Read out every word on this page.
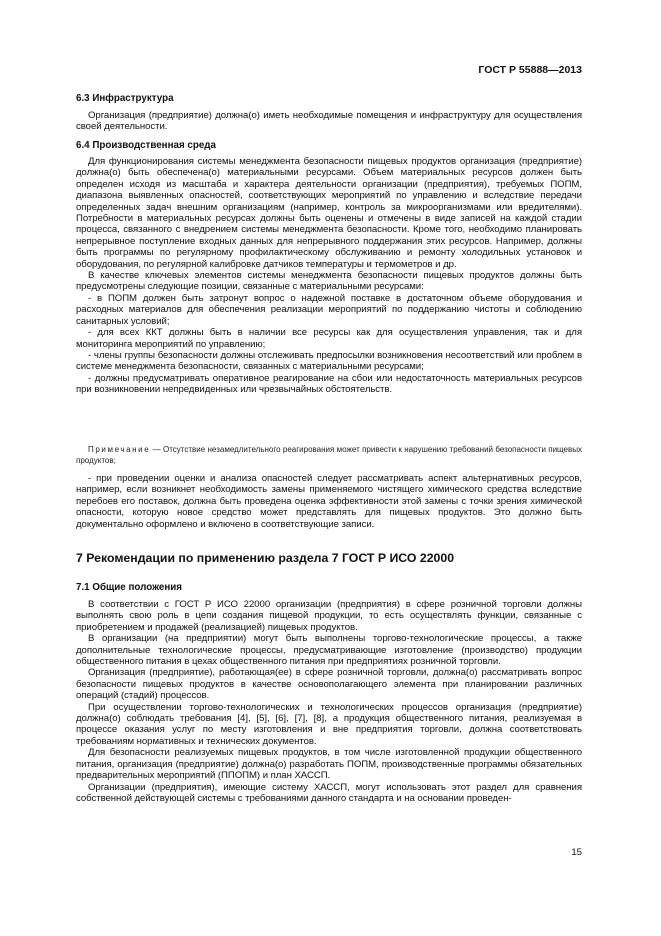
ГОСТ Р 55888—2013

6.3 Инфраструктура

Организация (предприятие) должна(о) иметь необходимые помещения и инфраструктуру для осуществления своей деятельности.

6.4 Производственная среда

Для функционирования системы менеджмента безопасности пищевых продуктов организация (предприятие) должна(о) быть обеспечена(о) материальными ресурсами. Объем материальных ресурсов должен быть определен исходя из масштаба и характера деятельности организации (предприятия), требуемых ПОПМ, диапазона выявленных опасностей, соответствующих мероприятий по управлению и вследствие передачи определенных задач внешним организациям (например, контроль за микроорганизмами или вредителями). Потребности в материальных ресурсах должны быть оценены и отмечены в виде записей на каждой стадии процесса, связанного с внедрением системы менеджмента безопасности. Кроме того, необходимо планировать непрерывное поступление входных данных для непрерывного поддержания этих ресурсов. Например, должны быть программы по регулярному профилактическому обслуживанию и ремонту холодильных установок и оборудования, по регулярной калибровке датчиков температуры и термометров и др.

В качестве ключевых элементов системы менеджмента безопасности пищевых продуктов должны быть предусмотрены следующие позиции, связанные с материальными ресурсами:

- в ПОПМ должен быть затронут вопрос о надежной поставке в достаточном объеме оборудования и расходных материалов для обеспечения реализации мероприятий по поддержанию чистоты и соблюдению санитарных условий;

- для всех ККТ должны быть в наличии все ресурсы как для осуществления управления, так и для мониторинга мероприятий по управлению;

- члены группы безопасности должны отслеживать предпосылки возникновения несоответствий или проблем в системе менеджмента безопасности, связанных с материальными ресурсами;

- должны предусматривать оперативное реагирование на сбои или недостаточность материальных ресурсов при возникновении непредвиденных или чрезвычайных обстоятельств.

Примечание — Отсутствие незамедлительного реагирования может привести к нарушению требований безопасности пищевых продуктов;

- при проведении оценки и анализа опасностей следует рассматривать аспект альтернативных ресурсов, например, если возникнет необходимость замены применяемого чистящего химического средства вследствие перебоев его поставок, должна быть проведена оценка эффективности этой замены с точки зрения химической опасности, которую новое средство может представлять для пищевых продуктов. Это должно быть документально оформлено и включено в соответствующие записи.

7 Рекомендации по применению раздела 7 ГОСТ Р ИСО 22000

7.1 Общие положения

В соответствии с ГОСТ Р ИСО 22000 организации (предприятия) в сфере розничной торговли должны выполнять свою роль в цепи создания пищевой продукции, то есть осуществлять функции, связанные с приобретением и продажей (реализацией) пищевых продуктов.

В организации (на предприятии) могут быть выполнены торгово-технологические процессы, а также дополнительные технологические процессы, предусматривающие изготовление (производство) продукции общественного питания в цехах общественного питания при предприятиях розничной торговли.

Организация (предприятие), работающая(ее) в сфере розничной торговли, должна(о) рассматривать вопрос безопасности пищевых продуктов в качестве основополагающего элемента при планировании различных операций (стадий) процессов.

При осуществлении торгово-технологических и технологических процессов организация (предприятие) должна(о) соблюдать требования [4], [5], [6], [7], [8], а продукция общественного питания, реализуемая в процессе оказания услуг по месту изготовления и вне предприятия торговли, должна соответствовать требованиям нормативных и технических документов.

Для безопасности реализуемых пищевых продуктов, в том числе изготовленной продукции общественного питания, организация (предприятие) должна(о) разработать ПОПМ, производственные программы обязательных предварительных мероприятий (ППОПМ) и план ХАССП.

Организации (предприятия), имеющие систему ХАССП, могут использовать этот раздел для сравнения собственной действующей системы с требованиями данного стандарта и на основании проведен-

15
